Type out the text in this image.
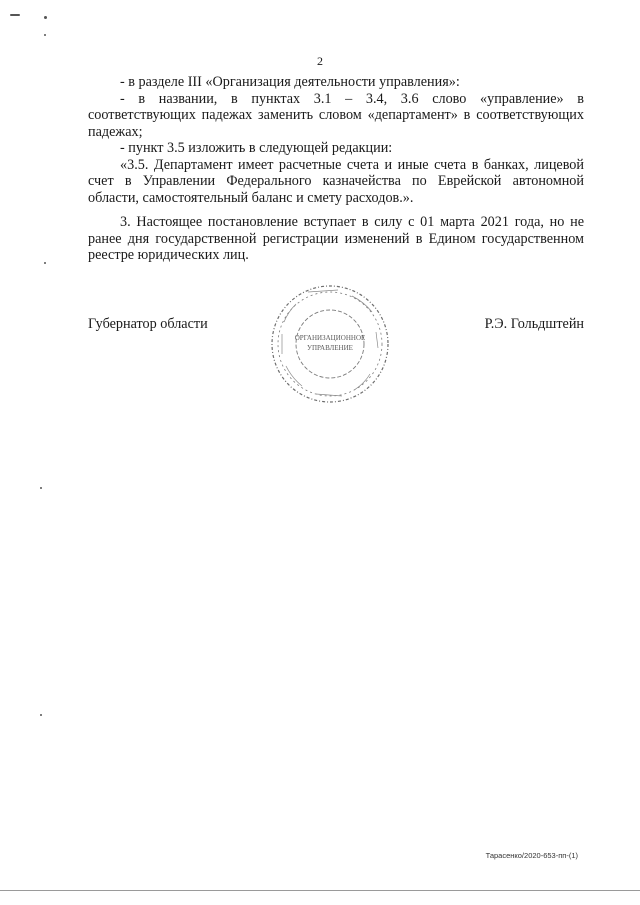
2

- в разделе III «Организация деятельности управления»:

- в названии, в пунктах 3.1 – 3.4, 3.6 слово «управление» в соответствующих падежах заменить словом «департамент» в соответствующих падежах;

- пункт 3.5 изложить в следующей редакции:

«3.5. Департамент имеет расчетные счета и иные счета в банках, лицевой счет в Управлении Федерального казначейства по Еврейской автономной области, самостоятельный баланс и смету расходов.».

3. Настоящее постановление вступает в силу с 01 марта 2021 года, но не ранее дня государственной регистрации изменений в Едином государственном реестре юридических лиц.

Губернатор области
ОРГАНИЗАЦИОННОЕ
УПРАВЛЕНИЕ
Р.Э. Гольдштейн
Тарасенко/2020-653-пп-(1)
